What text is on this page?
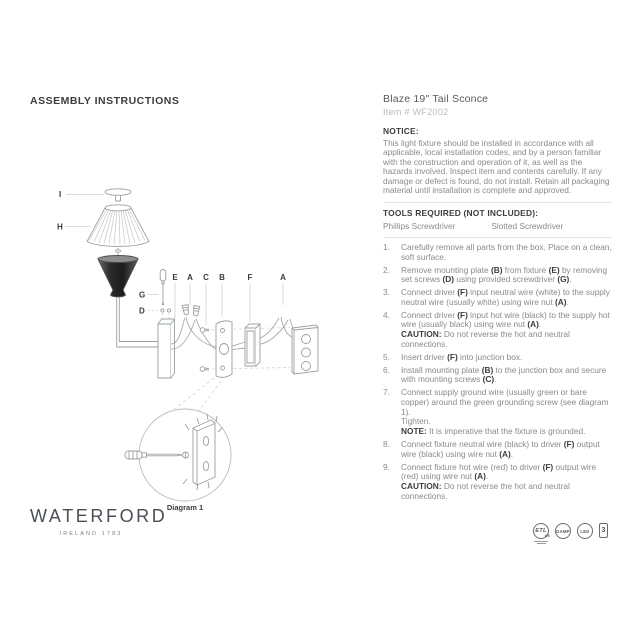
ASSEMBLY INSTRUCTIONS
I
H
G
D
E A C B	F	A
Diagram 1
Blaze 19" Tail Sconce
Item # WF2002
NOTICE:

This light fixture should be installed in accordance with all applicable, local installation codes, and by a person familiar with the construction and operation of it, as well as the hazards involved. Inspect item and contents carefully. If any damage or defect is found, do not install. Retain all packaging material until installation is complete and approved.

TOOLS REQUIRED (NOT INCLUDED):
Phillips Screwdriver	Slotted Screwdriver
1.	Carefully remove all parts from the box. Place on a clean, soft surface.
2.	Remove mounting plate (B) from fixture (E) by removing set screws (D) using provided screwdriver (G).
3.	Connect driver (F) input neutral wire (white) to the supply neutral wire (usually white) using wire nut (A).
4.	Connect driver (F) input hot wire (black) to the supply hot wire (usually black) using wire nut (A).
CAUTION: Do not reverse the hot and neutral connections.
5.	Insert driver (F) into junction box.
6.	Install mounting plate (B) to the junction box and secure with mounting screws (C).
7.	Connect supply ground wire (usually green or bare copper) around the green grounding screw (see diagram 1).
Tighten.
NOTE: It is imperative that the fixture is grounded.
8.	Connect fixture neutral wire (black) to driver (F) output wire (black) using wire nut (A).
9.	Connect fixture hot wire (red) to driver (F) output wire (red) using wire nut (A).
CAUTION: Do not reverse the hot and neutral connections.
WATERFORD
IRELAND 1783	ETL
us
DAMP LED 3
